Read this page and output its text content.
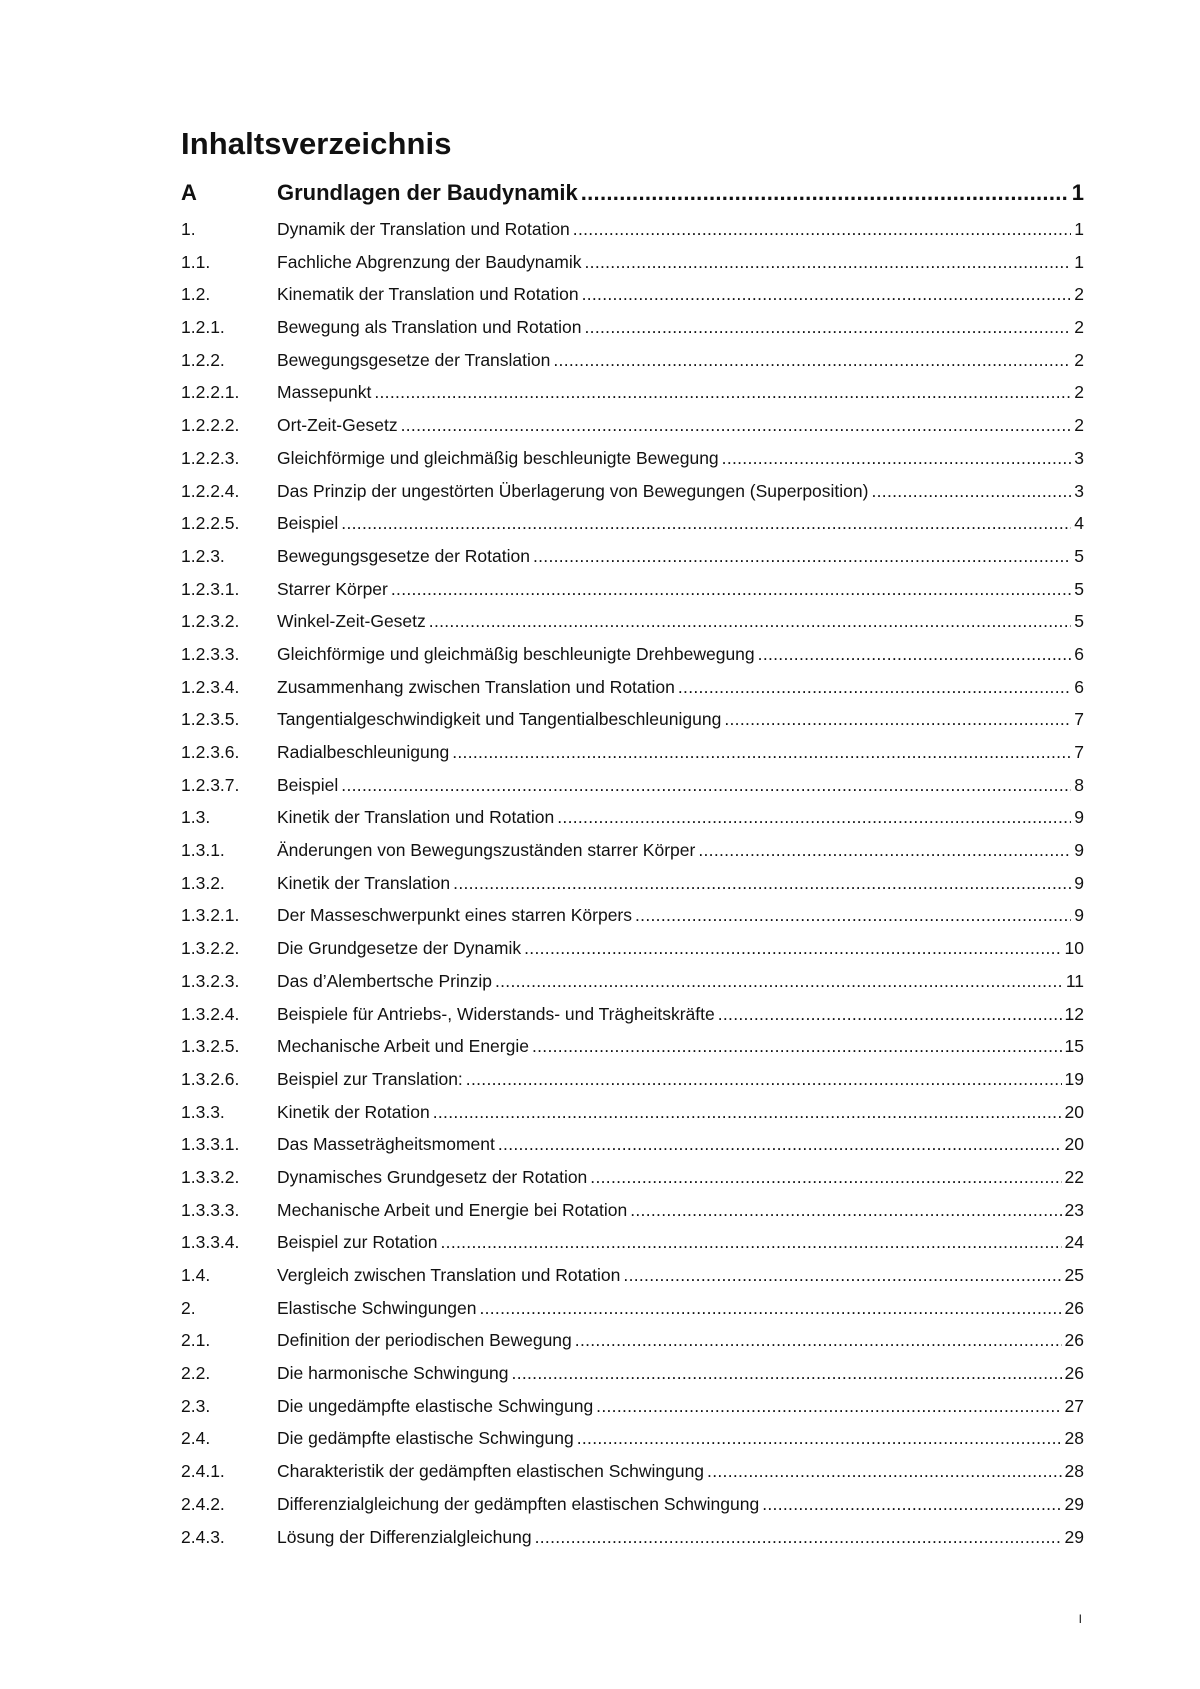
Inhaltsverzeichnis
A	Grundlagen der Baudynamik .....	1
1.	Dynamik der Translation und Rotation .....	1
1.1.	Fachliche Abgrenzung der Baudynamik .....	1
1.2.	Kinematik der Translation und Rotation .....	2
1.2.1.	Bewegung als Translation und Rotation .....	2
1.2.2.	Bewegungsgesetze der Translation .....	2
1.2.2.1.	Massepunkt .....	2
1.2.2.2.	Ort-Zeit-Gesetz .....	2
1.2.2.3.	Gleichförmige und gleichmäßig beschleunigte Bewegung .....	3
1.2.2.4.	Das Prinzip der ungestörten Überlagerung von Bewegungen (Superposition) .....	3
1.2.2.5.	Beispiel .....	4
1.2.3.	Bewegungsgesetze der Rotation .....	5
1.2.3.1.	Starrer Körper .....	5
1.2.3.2.	Winkel-Zeit-Gesetz .....	5
1.2.3.3.	Gleichförmige und gleichmäßig beschleunigte Drehbewegung .....	6
1.2.3.4.	Zusammenhang zwischen Translation und Rotation .....	6
1.2.3.5.	Tangentialgeschwindigkeit und Tangentialbeschleunigung .....	7
1.2.3.6.	Radialbeschleunigung .....	7
1.2.3.7.	Beispiel .....	8
1.3.	Kinetik der Translation und Rotation .....	9
1.3.1.	Änderungen von Bewegungszuständen starrer Körper .....	9
1.3.2.	Kinetik der Translation .....	9
1.3.2.1.	Der Masseschwerpunkt eines starren Körpers .....	9
1.3.2.2.	Die Grundgesetze der Dynamik .....	10
1.3.2.3.	Das d’Alembertsche Prinzip .....	11
1.3.2.4.	Beispiele für Antriebs-, Widerstands- und Trägheitskräfte .....	12
1.3.2.5.	Mechanische Arbeit und Energie .....	15
1.3.2.6.	Beispiel zur Translation: .....	19
1.3.3.	Kinetik der Rotation .....	20
1.3.3.1.	Das Masseträgheitsmoment .....	20
1.3.3.2.	Dynamisches Grundgesetz der Rotation .....	22
1.3.3.3.	Mechanische Arbeit und Energie bei Rotation .....	23
1.3.3.4.	Beispiel zur Rotation .....	24
1.4.	Vergleich zwischen Translation und Rotation .....	25
2.	Elastische Schwingungen .....	26
2.1.	Definition der periodischen Bewegung .....	26
2.2.	Die harmonische Schwingung .....	26
2.3.	Die ungedämpfte elastische Schwingung .....	27
2.4.	Die gedämpfte elastische Schwingung .....	28
2.4.1.	Charakteristik der gedämpften elastischen Schwingung .....	28
2.4.2.	Differenzialgleichung der gedämpften elastischen Schwingung .....	29
2.4.3.	Lösung der Differenzialgleichung .....	29
I
